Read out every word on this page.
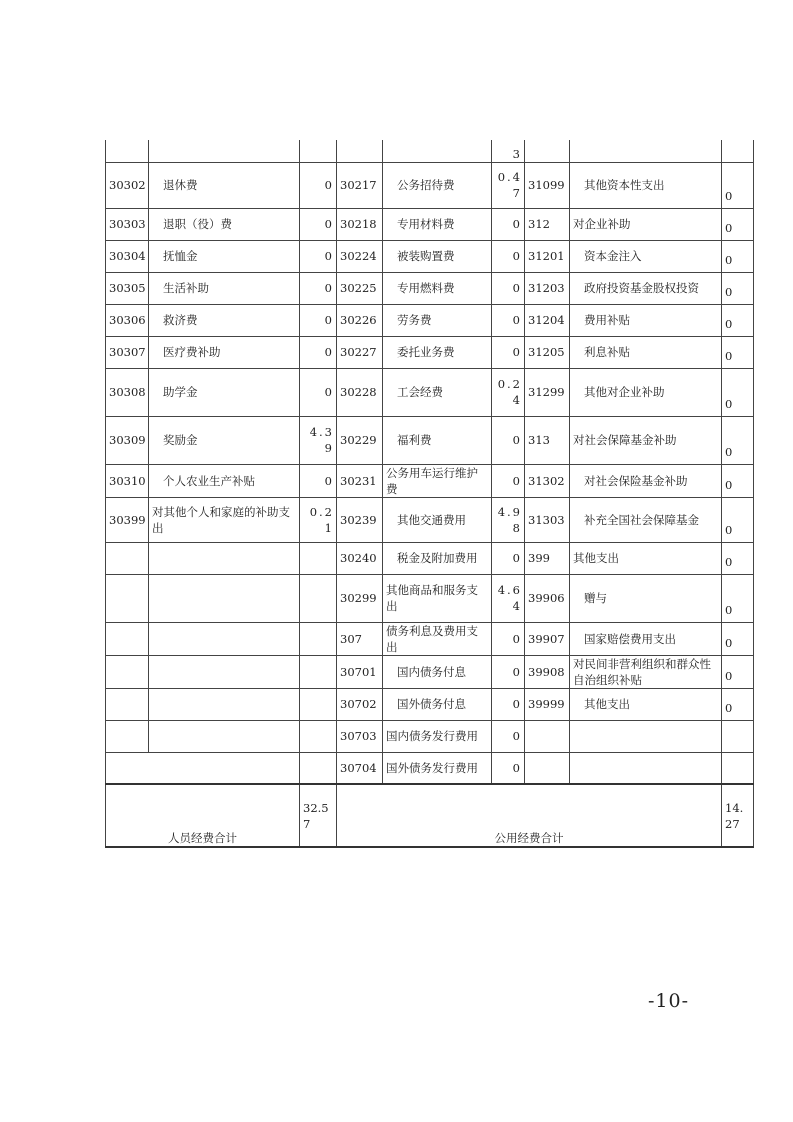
					3			
30302	退休费	0	30217	公务招待费	0.47	31099	其他资本性支出	0
30303	退职（役）费	0	30218	专用材料费	0	312	对企业补助	0
30304	抚恤金	0	30224	被装购置费	0	31201	资本金注入	0
30305	生活补助	0	30225	专用燃料费	0	31203	政府投资基金股权投资	0
30306	救济费	0	30226	劳务费	0	31204	费用补贴	0
30307	医疗费补助	0	30227	委托业务费	0	31205	利息补贴	0
30308	助学金	0	30228	工会经费	0.24	31299	其他对企业补助	0
30309	奖励金	4.39	30229	福利费	0	313	对社会保障基金补助	0
30310	个人农业生产补贴	0	30231	公务用车运行维护费	0	31302	对社会保险基金补助	0
30399	对其他个人和家庭的补助支出	0.21	30239	其他交通费用	4.98	31303	补充全国社会保障基金	0
			30240	税金及附加费用	0	399	其他支出	0
			30299	其他商品和服务支出	4.64	39906	赠与	0
			307	债务利息及费用支出	0	39907	国家赔偿费用支出	0
			30701	国内债务付息	0	39908	对民间非营利组织和群众性自治组织补贴	0
			30702	国外债务付息	0	39999	其他支出	0
			30703	国内债务发行费用	0			
			30704	国外债务发行费用	0			
人员经费合计		32.57	公用经费合计					14.27
-10-
